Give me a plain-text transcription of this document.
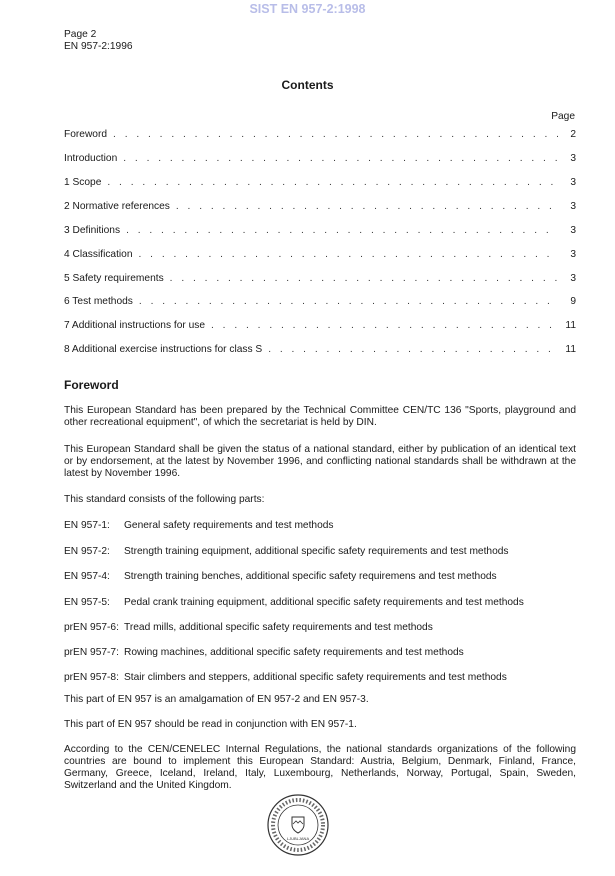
SIST EN 957-2:1998
Page 2
EN 957-2:1996
Contents
Page
Foreword . . .	2
Introduction . . .	3
1 Scope . . .	3
2 Normative references . . .	3
3 Definitions . . .	3
4 Classification . . .	3
5 Safety requirements . . .	3
6 Test methods . . .	9
7 Additional instructions for use . . .	11
8 Additional exercise instructions for class S . . .	11
Foreword
This European Standard has been prepared by the Technical Committee CEN/TC 136 "Sports, playground and other recreational equipment", of which the secretariat is held by DIN.
This European Standard shall be given the status of a national standard, either by publication of an identical text or by endorsement, at the latest by November 1996, and conflicting national standards shall be withdrawn at the latest by November 1996.
This standard consists of the following parts:
This part of EN 957 is an amalgamation of EN 957-2 and EN 957-3.
This part of EN 957 should be read in conjunction with EN 957-1.
According to the CEN/CENELEC Internal Regulations, the national standards organizations of the following countries are bound to implement this European Standard: Austria, Belgium, Denmark, Finland, France, Germany, Greece, Iceland, Ireland, Italy, Luxembourg, Netherlands, Norway, Portugal, Spain, Sweden, Switzerland and the United Kingdom.
LJUBLJANA
EN 957-1: General safety requirements and test methods
EN 957-2: Strength training equipment, additional specific safety requirements and test methods
EN 957-4: Strength training benches, additional specific safety requiremens and test methods
EN 957-5: Pedal crank training equipment, additional specific safety requirements and test methods
prEN 957-6: Tread mills, additional specific safety requirements and test methods
prEN 957-7: Rowing machines, additional specific safety requirements and test methods
prEN 957-8: Stair climbers and steppers, additional specific safety requirements and test methods
